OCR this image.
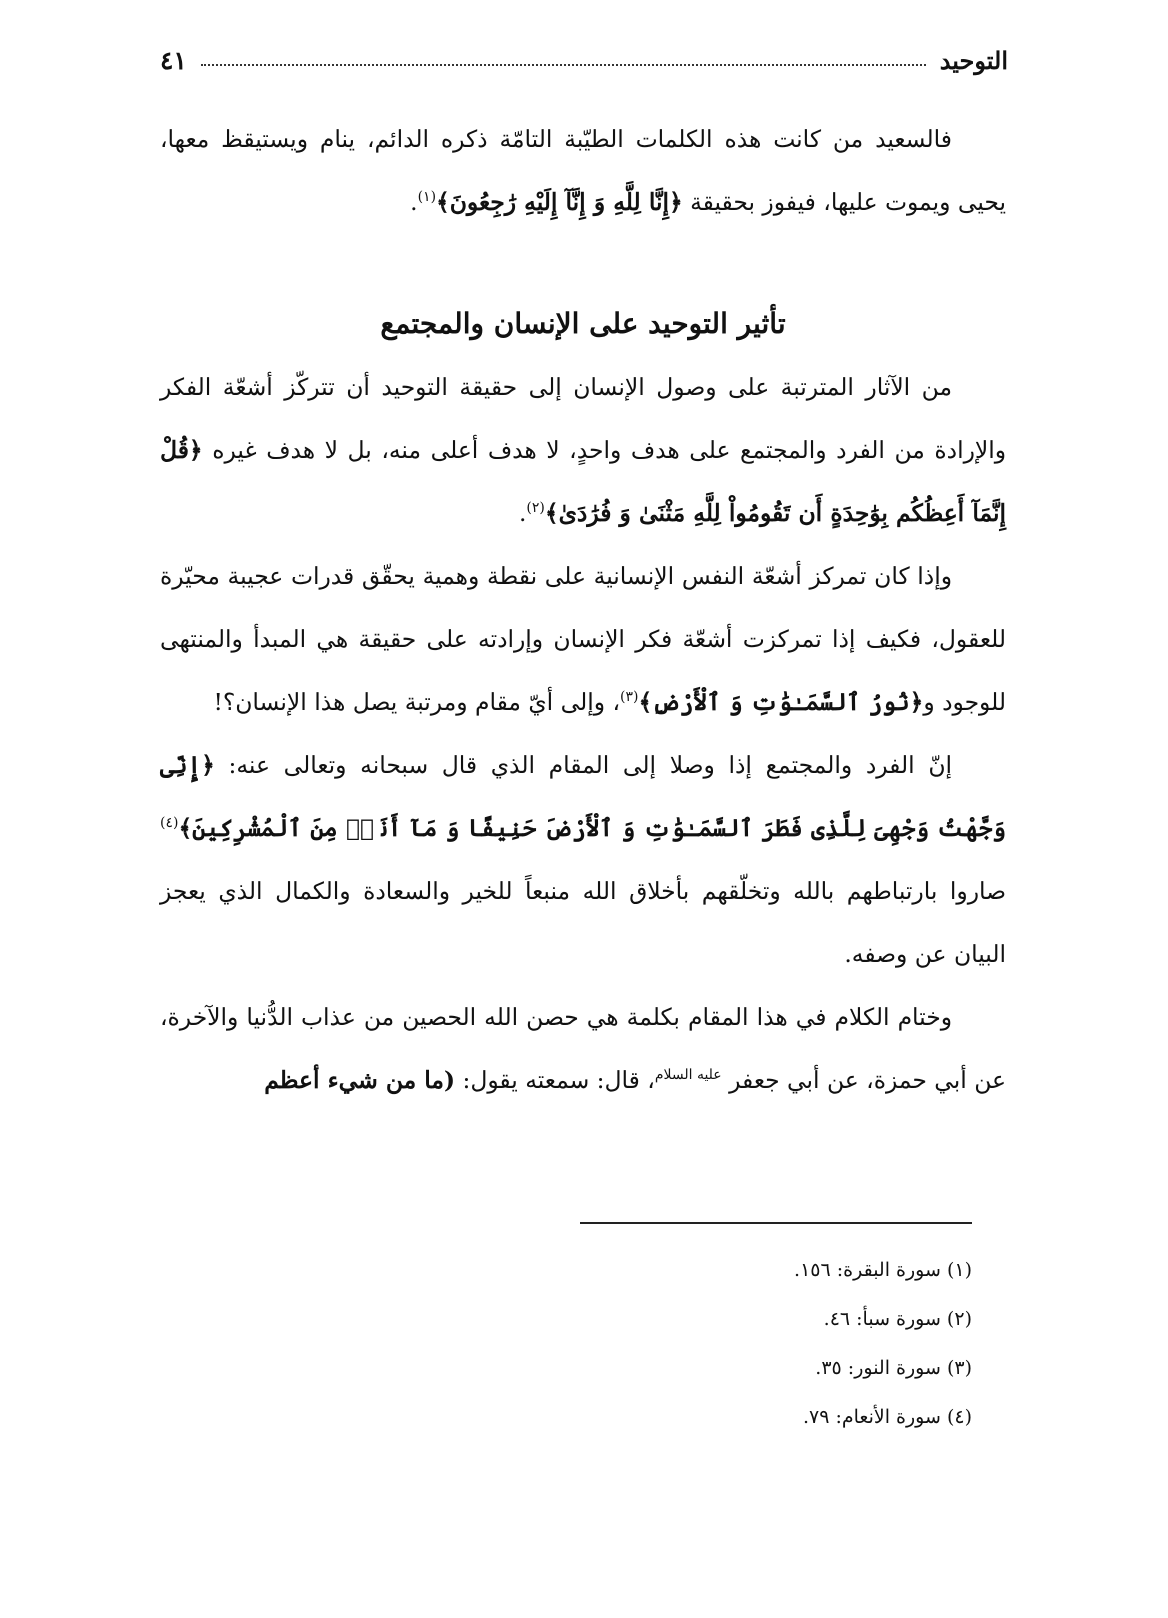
التوحيد
٤١

فالسعيد من كانت هذه الكلمات الطيّبة التامّة ذكره الدائم، ينام ويستيقظ معها، يحيى ويموت عليها، فيفوز بحقيقة ﴿إِنَّا لِلَّهِ وَ إِنَّآ إِلَيْهِ رَٰجِعُونَ﴾$^{(١)}$.

تأثير التوحيد على الإنسان والمجتمع

من الآثار المترتبة على وصول الإنسان إلى حقيقة التوحيد أن تتركّز أشعّة الفكر والإرادة من الفرد والمجتمع على هدف واحدٍ، لا هدف أعلى منه، بل لا هدف غيره ﴿قُلْ إِنَّمَآ أَعِظُكُم بِوَٰحِدَةٍ أَن تَقُومُواْ لِلَّهِ مَثْنَىٰ وَ فُرَٰدَىٰ﴾$^{(٢)}$.

وإذا كان تمركز أشعّة النفس الإنسانية على نقطة وهمية يحقّق قدرات عجيبة محيّرة للعقول، فكيف إذا تمركزت أشعّة فكر الإنسان وإرادته على حقيقة هي المبدأ والمنتهى للوجود و﴿نُورُ ٱلسَّمَـٰوَٰتِ وَ ٱلْأَرْضِ﴾$^{(٣)}$، وإلى أيّ مقام ومرتبة يصل هذا الإنسان؟!

إنّ الفرد والمجتمع إذا وصلا إلى المقام الذي قال سبحانه وتعالى عنه: ﴿إِنِّى وَجَّهْتُ وَجْهِىَ لِلَّذِى فَطَرَ ٱلسَّمَـٰوَٰتِ وَ ٱلْأَرْضَ حَنِيفًا وَ مَآ أَنَا۠ مِنَ ٱلْمُشْرِكِينَ﴾$^{(٤)}$ صاروا بارتباطهم بالله وتخلّقهم بأخلاق الله منبعاً للخير والسعادة والكمال الذي يعجز البيان عن وصفه.

وختام الكلام في هذا المقام بكلمة هي حصن الله الحصين من عذاب الدُّنيا والآخرة، عن أبي حمزة، عن أبي جعفر $^{عليه السلام}$، قال: سمعته يقول: (ما من شيء أعظم

(١) سورة البقرة: ١٥٦.
(٢) سورة سبأ: ٤٦.
(٣) سورة النور: ٣٥.
(٤) سورة الأنعام: ٧٩.
